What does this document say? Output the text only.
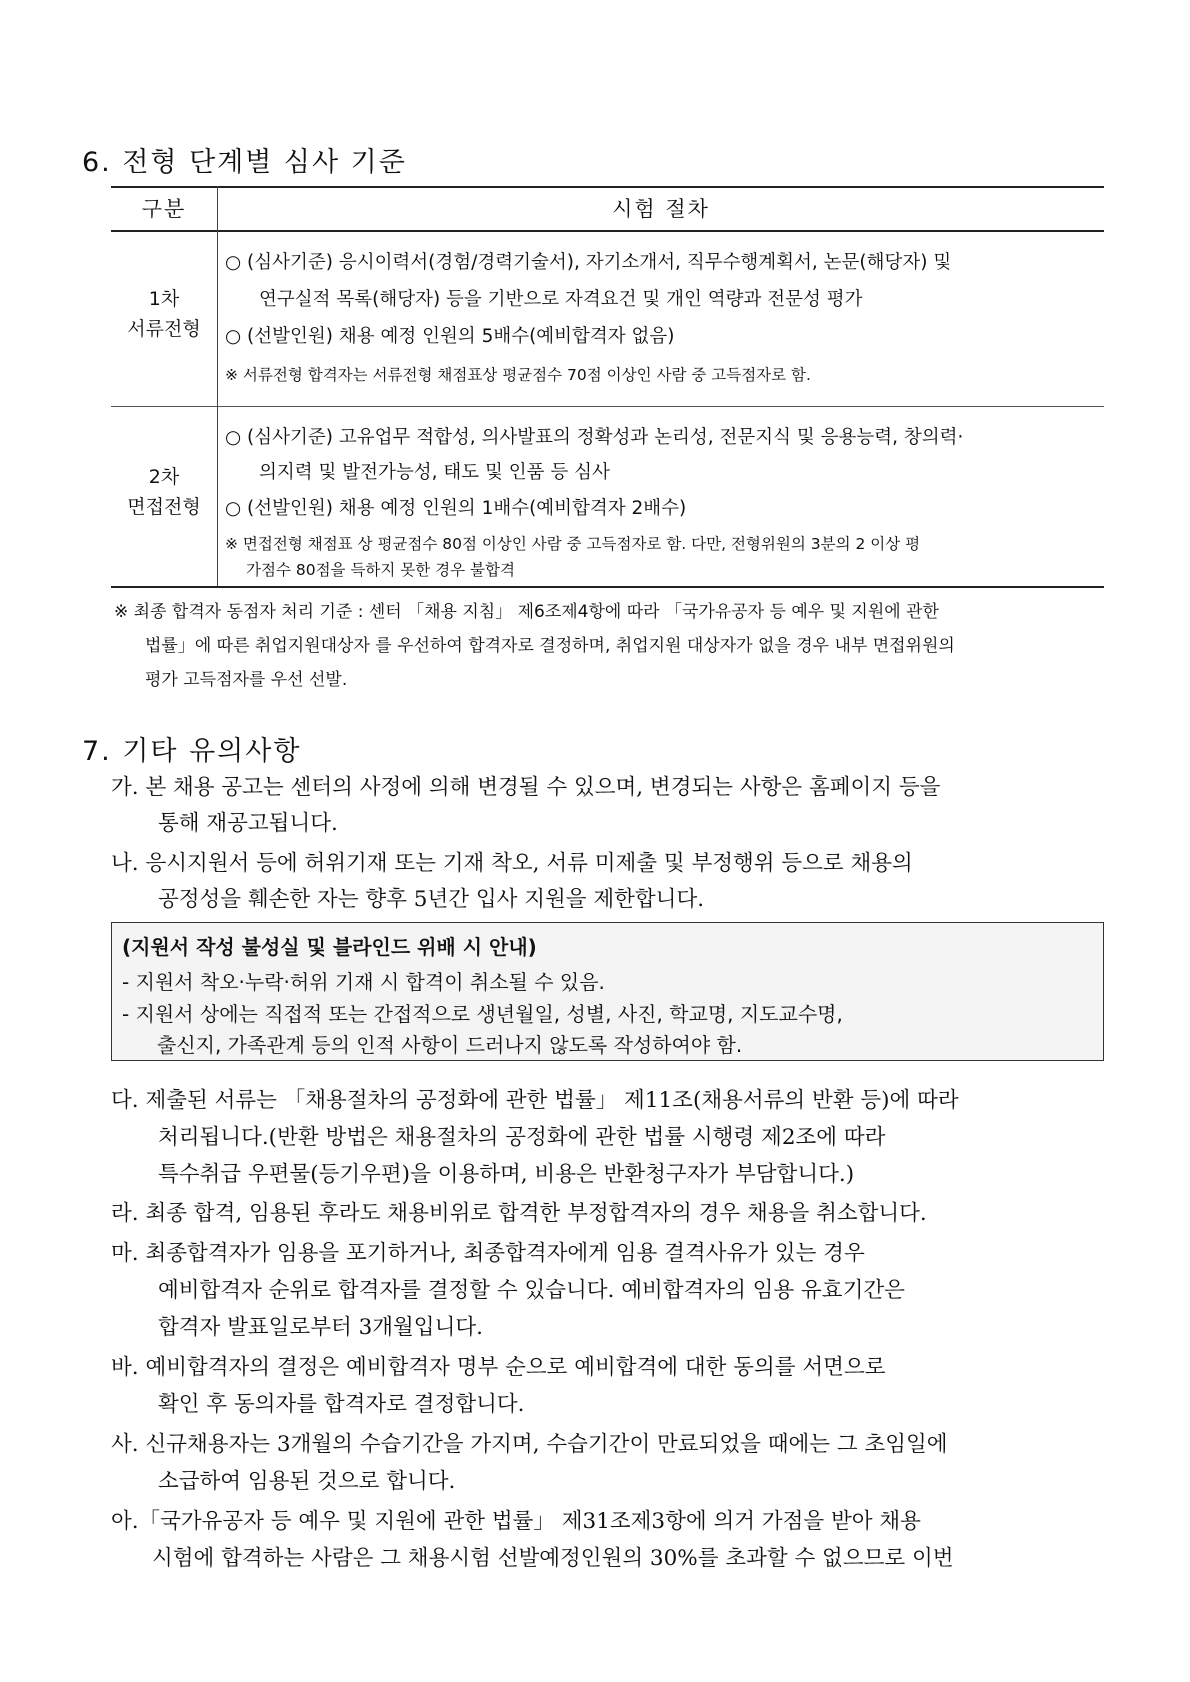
6. 전형 단계별 심사 기준
구분	시험 절차
1차
서류전형
○ (심사기준) 응시이력서(경험/경력기술서), 자기소개서, 직무수행계획서, 논문(해당자) 및
연구실적 목록(해당자) 등을 기반으로 자격요건 및 개인 역량과 전문성 평가
○ (선발인원) 채용 예정 인원의 5배수(예비합격자 없음)
※ 서류전형 합격자는 서류전형 채점표상 평균점수 70점 이상인 사람 중 고득점자로 함.
2차
면접전형
○ (심사기준) 고유업무 적합성, 의사발표의 정확성과 논리성, 전문지식 및 응용능력, 창의력·
의지력 및 발전가능성, 태도 및 인품 등 심사
○ (선발인원) 채용 예정 인원의 1배수(예비합격자 2배수)
※ 면접전형 채점표 상 평균점수 80점 이상인 사람 중 고득점자로 함. 다만, 전형위원의 3분의 2 이상 평
가점수 80점을 득하지 못한 경우 불합격
※ 최종 합격자 동점자 처리 기준 : 센터 「채용 지침」 제6조제4항에 따라 「국가유공자 등 예우 및 지원에 관한
법률」에 따른 취업지원대상자 를 우선하여 합격자로 결정하며, 취업지원 대상자가 없을 경우 내부 면접위원의
평가 고득점자를 우선 선발.
7. 기타 유의사항
가. 본 채용 공고는 센터의 사정에 의해 변경될 수 있으며, 변경되는 사항은 홈페이지 등을
통해 재공고됩니다.
나. 응시지원서 등에 허위기재 또는 기재 착오, 서류 미제출 및 부정행위 등으로 채용의
공정성을 훼손한 자는 향후 5년간 입사 지원을 제한합니다.
(지원서 작성 불성실 및 블라인드 위배 시 안내)
- 지원서 착오·누락·허위 기재 시 합격이 취소될 수 있음.
- 지원서 상에는 직접적 또는 간접적으로 생년월일, 성별, 사진, 학교명, 지도교수명,
출신지, 가족관계 등의 인적 사항이 드러나지 않도록 작성하여야 함.
다. 제출된 서류는 「채용절차의 공정화에 관한 법률」 제11조(채용서류의 반환 등)에 따라
처리됩니다.(반환 방법은 채용절차의 공정화에 관한 법률 시행령 제2조에 따라
특수취급 우편물(등기우편)을 이용하며, 비용은 반환청구자가 부담합니다.)
라. 최종 합격, 임용된 후라도 채용비위로 합격한 부정합격자의 경우 채용을 취소합니다.
마. 최종합격자가 임용을 포기하거나, 최종합격자에게 임용 결격사유가 있는 경우
예비합격자 순위로 합격자를 결정할 수 있습니다. 예비합격자의 임용 유효기간은
합격자 발표일로부터 3개월입니다.
바. 예비합격자의 결정은 예비합격자 명부 순으로 예비합격에 대한 동의를 서면으로
확인 후 동의자를 합격자로 결정합니다.
사. 신규채용자는 3개월의 수습기간을 가지며, 수습기간이 만료되었을 때에는 그 초임일에
소급하여 임용된 것으로 합니다.
아.「국가유공자 등 예우 및 지원에 관한 법률」 제31조제3항에 의거 가점을 받아 채용
시험에 합격하는 사람은 그 채용시험 선발예정인원의 30%를 초과할 수 없으므로 이번
